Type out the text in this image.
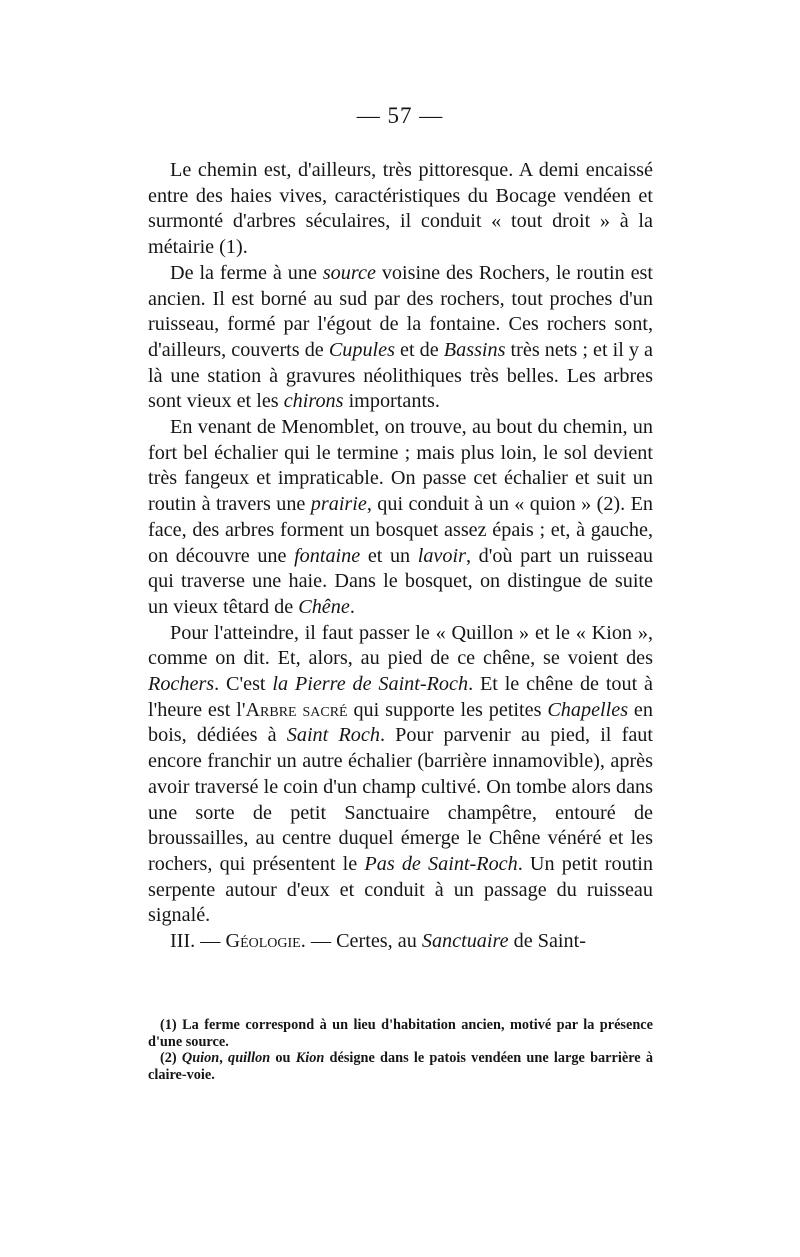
— 57 —

Le chemin est, d'ailleurs, très pittoresque. A demi encaissé entre des haies vives, caractéristiques du Bocage vendéen et surmonté d'arbres séculaires, il conduit « tout droit » à la métairie (1).

De la ferme à une source voisine des Rochers, le routin est ancien. Il est borné au sud par des rochers, tout proches d'un ruisseau, formé par l'égout de la fontaine. Ces rochers sont, d'ailleurs, couverts de Cupules et de Bassins très nets ; et il y a là une station à gravures néolithiques très belles. Les arbres sont vieux et les chirons importants.

En venant de Menomblet, on trouve, au bout du chemin, un fort bel échalier qui le termine ; mais plus loin, le sol devient très fangeux et impraticable. On passe cet échalier et suit un routin à travers une prairie, qui conduit à un « quion » (2). En face, des arbres forment un bosquet assez épais ; et, à gauche, on découvre une fontaine et un lavoir, d'où part un ruisseau qui traverse une haie. Dans le bosquet, on distingue de suite un vieux têtard de Chêne.

Pour l'atteindre, il faut passer le « Quillon » et le « Kion », comme on dit. Et, alors, au pied de ce chêne, se voient des Rochers. C'est la Pierre de Saint-Roch. Et le chêne de tout à l'heure est l'Arbre sacré qui supporte les petites Chapelles en bois, dédiées à Saint Roch. Pour parvenir au pied, il faut encore franchir un autre échalier (barrière innamovible), après avoir traversé le coin d'un champ cultivé. On tombe alors dans une sorte de petit Sanctuaire champêtre, entouré de broussailles, au centre duquel émerge le Chêne vénéré et les rochers, qui présentent le Pas de Saint-Roch. Un petit routin serpente autour d'eux et conduit à un passage du ruisseau signalé.

III. — Géologie. — Certes, au Sanctuaire de Saint-

(1) La ferme correspond à un lieu d'habitation ancien, motivé par la présence d'une source.

(2) Quion, quillon ou Kion désigne dans le patois vendéen une large barrière à claire-voie.
